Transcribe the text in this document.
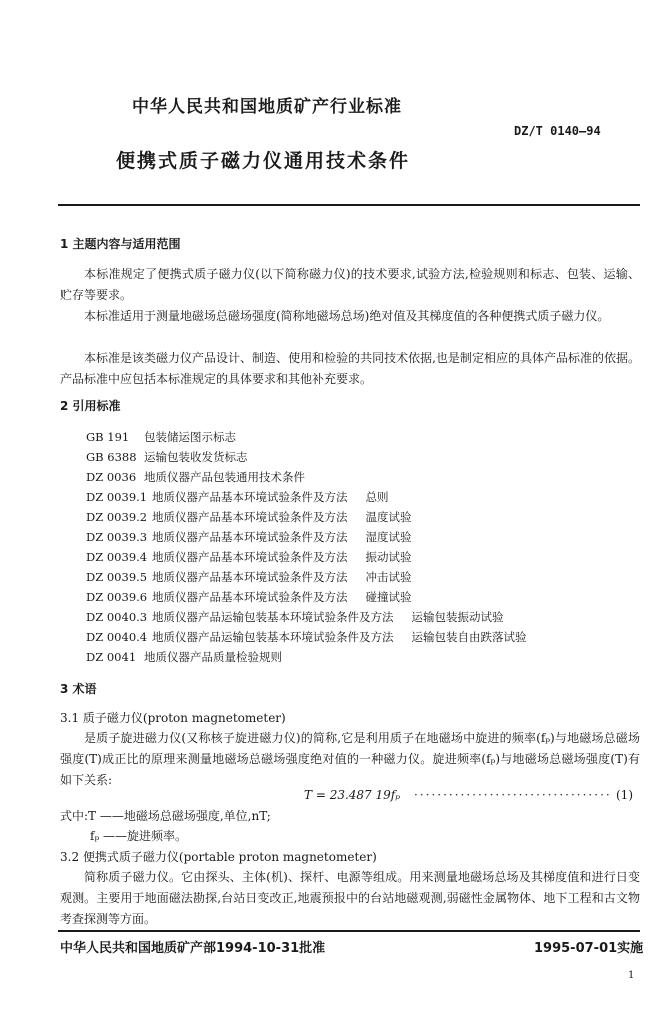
中华人民共和国地质矿产行业标准
DZ/T 0140—94
便携式质子磁力仪通用技术条件
1 主题内容与适用范围
本标准规定了便携式质子磁力仪(以下简称磁力仪)的技术要求,试验方法,检验规则和标志、包装、运输、贮存等要求。
本标准适用于测量地磁场总磁场强度(简称地磁场总场)绝对值及其梯度值的各种便携式质子磁力仪。
本标准是该类磁力仪产品设计、制造、使用和检验的共同技术依据,也是制定相应的具体产品标准的依据。产品标准中应包括本标准规定的具体要求和其他补充要求。
2 引用标准
GB 191 包装储运图示标志
GB 6388 运输包装收发货标志
DZ 0036 地质仪器产品包装通用技术条件
DZ 0039.1 地质仪器产品基本环境试验条件及方法 总则
DZ 0039.2 地质仪器产品基本环境试验条件及方法 温度试验
DZ 0039.3 地质仪器产品基本环境试验条件及方法 湿度试验
DZ 0039.4 地质仪器产品基本环境试验条件及方法 振动试验
DZ 0039.5 地质仪器产品基本环境试验条件及方法 冲击试验
DZ 0039.6 地质仪器产品基本环境试验条件及方法 碰撞试验
DZ 0040.3 地质仪器产品运输包装基本环境试验条件及方法 运输包装振动试验
DZ 0040.4 地质仪器产品运输包装基本环境试验条件及方法 运输包装自由跌落试验
DZ 0041 地质仪器产品质量检验规则
3 术语
3.1 质子磁力仪(proton magnetometer)
是质子旋进磁力仪(又称核子旋进磁力仪)的简称,它是利用质子在地磁场中旋进的频率(fₚ)与地磁场总磁场强度(T)成正比的原理来测量地磁场总磁场强度绝对值的一种磁力仪。旋进频率(fₚ)与地磁场总磁场强度(T)有如下关系:
T = 23.487 19fₚ ·································· (1)
式中:T ——地磁场总磁场强度,单位,nT;
fₚ ——旋进频率。
3.2 便携式质子磁力仪(portable proton magnetometer)
简称质子磁力仪。它由探头、主体(机)、探杆、电源等组成。用来测量地磁场总场及其梯度值和进行日变观测。主要用于地面磁法勘探,台站日变改正,地震预报中的台站地磁观测,弱磁性金属物体、地下工程和古文物考查探测等方面。
中华人民共和国地质矿产部1994-10-31批准	1995-07-01实施
1
